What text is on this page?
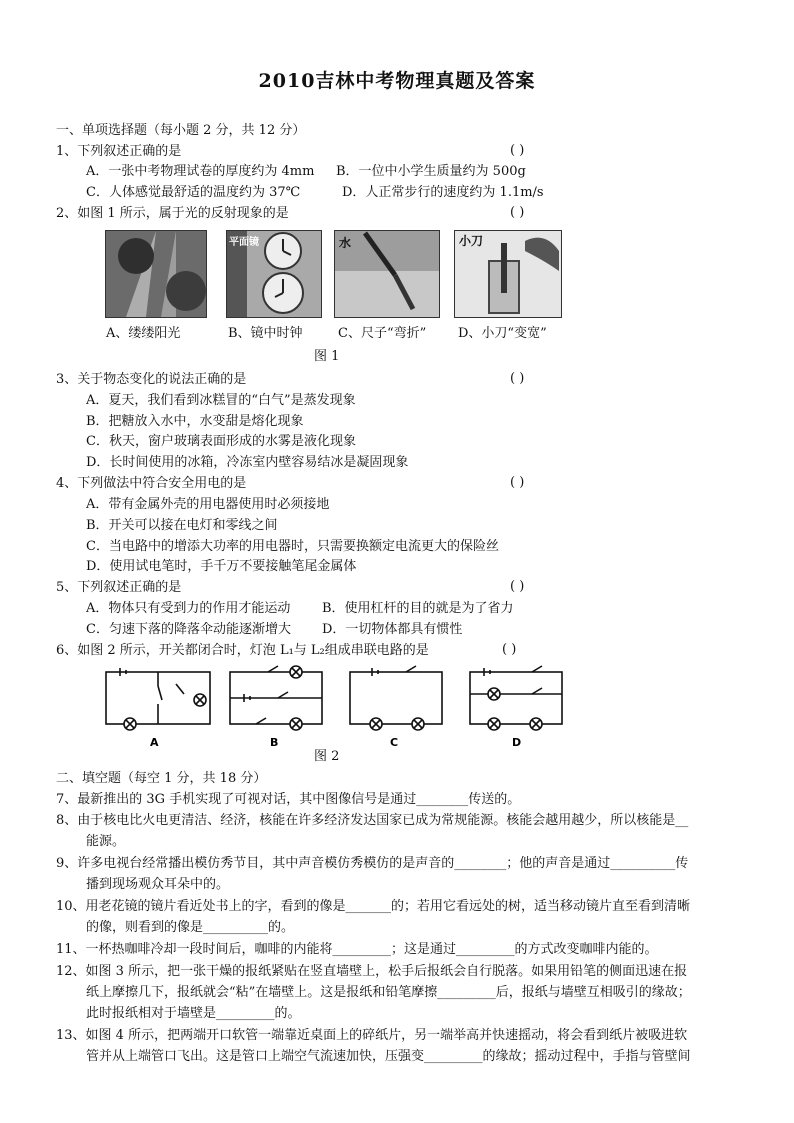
2010吉林中考物理真题及答案
一、单项选择题（每小题 2 分，共 12 分）
1、下列叙述正确的是	( )
A．一张中考物理试卷的厚度约为 4mm B．一位中小学生质量约为 500g
C．人体感觉最舒适的温度约为 37℃	D．人正常步行的速度约为 1.1m/s
2、如图 1 所示，属于光的反射现象的是	( )
平面镜	水	小刀
A、缕缕阳光	B、镜中时钟	C、尺子“弯折” D、小刀“变宽”
图 1
3、关于物态变化的说法正确的是	( )
A．夏天，我们看到冰糕冒的“白气”是蒸发现象
B．把糖放入水中，水变甜是熔化现象
C．秋天，窗户玻璃表面形成的水雾是液化现象
D．长时间使用的冰箱，冷冻室内壁容易结冰是凝固现象
4、下列做法中符合安全用电的是	( )
A．带有金属外壳的用电器使用时必须接地
B．开关可以接在电灯和零线之间
C．当电路中的增添大功率的用电器时，只需要换额定电流更大的保险丝
D．使用试电笔时，手千万不要接触笔尾金属体
5、下列叙述正确的是	( )
A．物体只有受到力的作用才能运动 B．使用杠杆的目的就是为了省力
C．匀速下落的降落伞动能逐渐增大 D．一切物体都具有惯性
6、如图 2 所示，开关都闭合时，灯泡 L₁与 L₂组成串联电路的是	( )
A	B	C	D
图 2
二、填空题（每空 1 分，共 18 分）
7、最新推出的 3G 手机实现了可视对话，其中图像信号是通过________传送的。
8、由于核电比火电更清洁、经济，核能在许多经济发达国家已成为常规能源。核能会越用越少，所以核能是__
能源。
9、许多电视台经常播出模仿秀节目，其中声音模仿秀模仿的是声音的________；他的声音是通过__________传
播到现场观众耳朵中的。
10、用老花镜的镜片看近处书上的字，看到的像是_______的；若用它看远处的树，适当移动镜片直至看到清晰
的像，则看到的像是__________的。
11、一杯热咖啡冷却一段时间后，咖啡的内能将_________；这是通过_________的方式改变咖啡内能的。
12、如图 3 所示，把一张干燥的报纸紧贴在竖直墙壁上，松手后报纸会自行脱落。如果用铅笔的侧面迅速在报
纸上摩擦几下，报纸就会“粘”在墙壁上。这是报纸和铅笔摩擦_________后，报纸与墙壁互相吸引的缘故；
此时报纸相对于墙壁是_________的。
13、如图 4 所示，把两端开口软管一端靠近桌面上的碎纸片，另一端举高并快速摇动，将会看到纸片被吸进软
管并从上端管口飞出。这是管口上端空气流速加快，压强变_________的缘故；摇动过程中，手指与管壁间
